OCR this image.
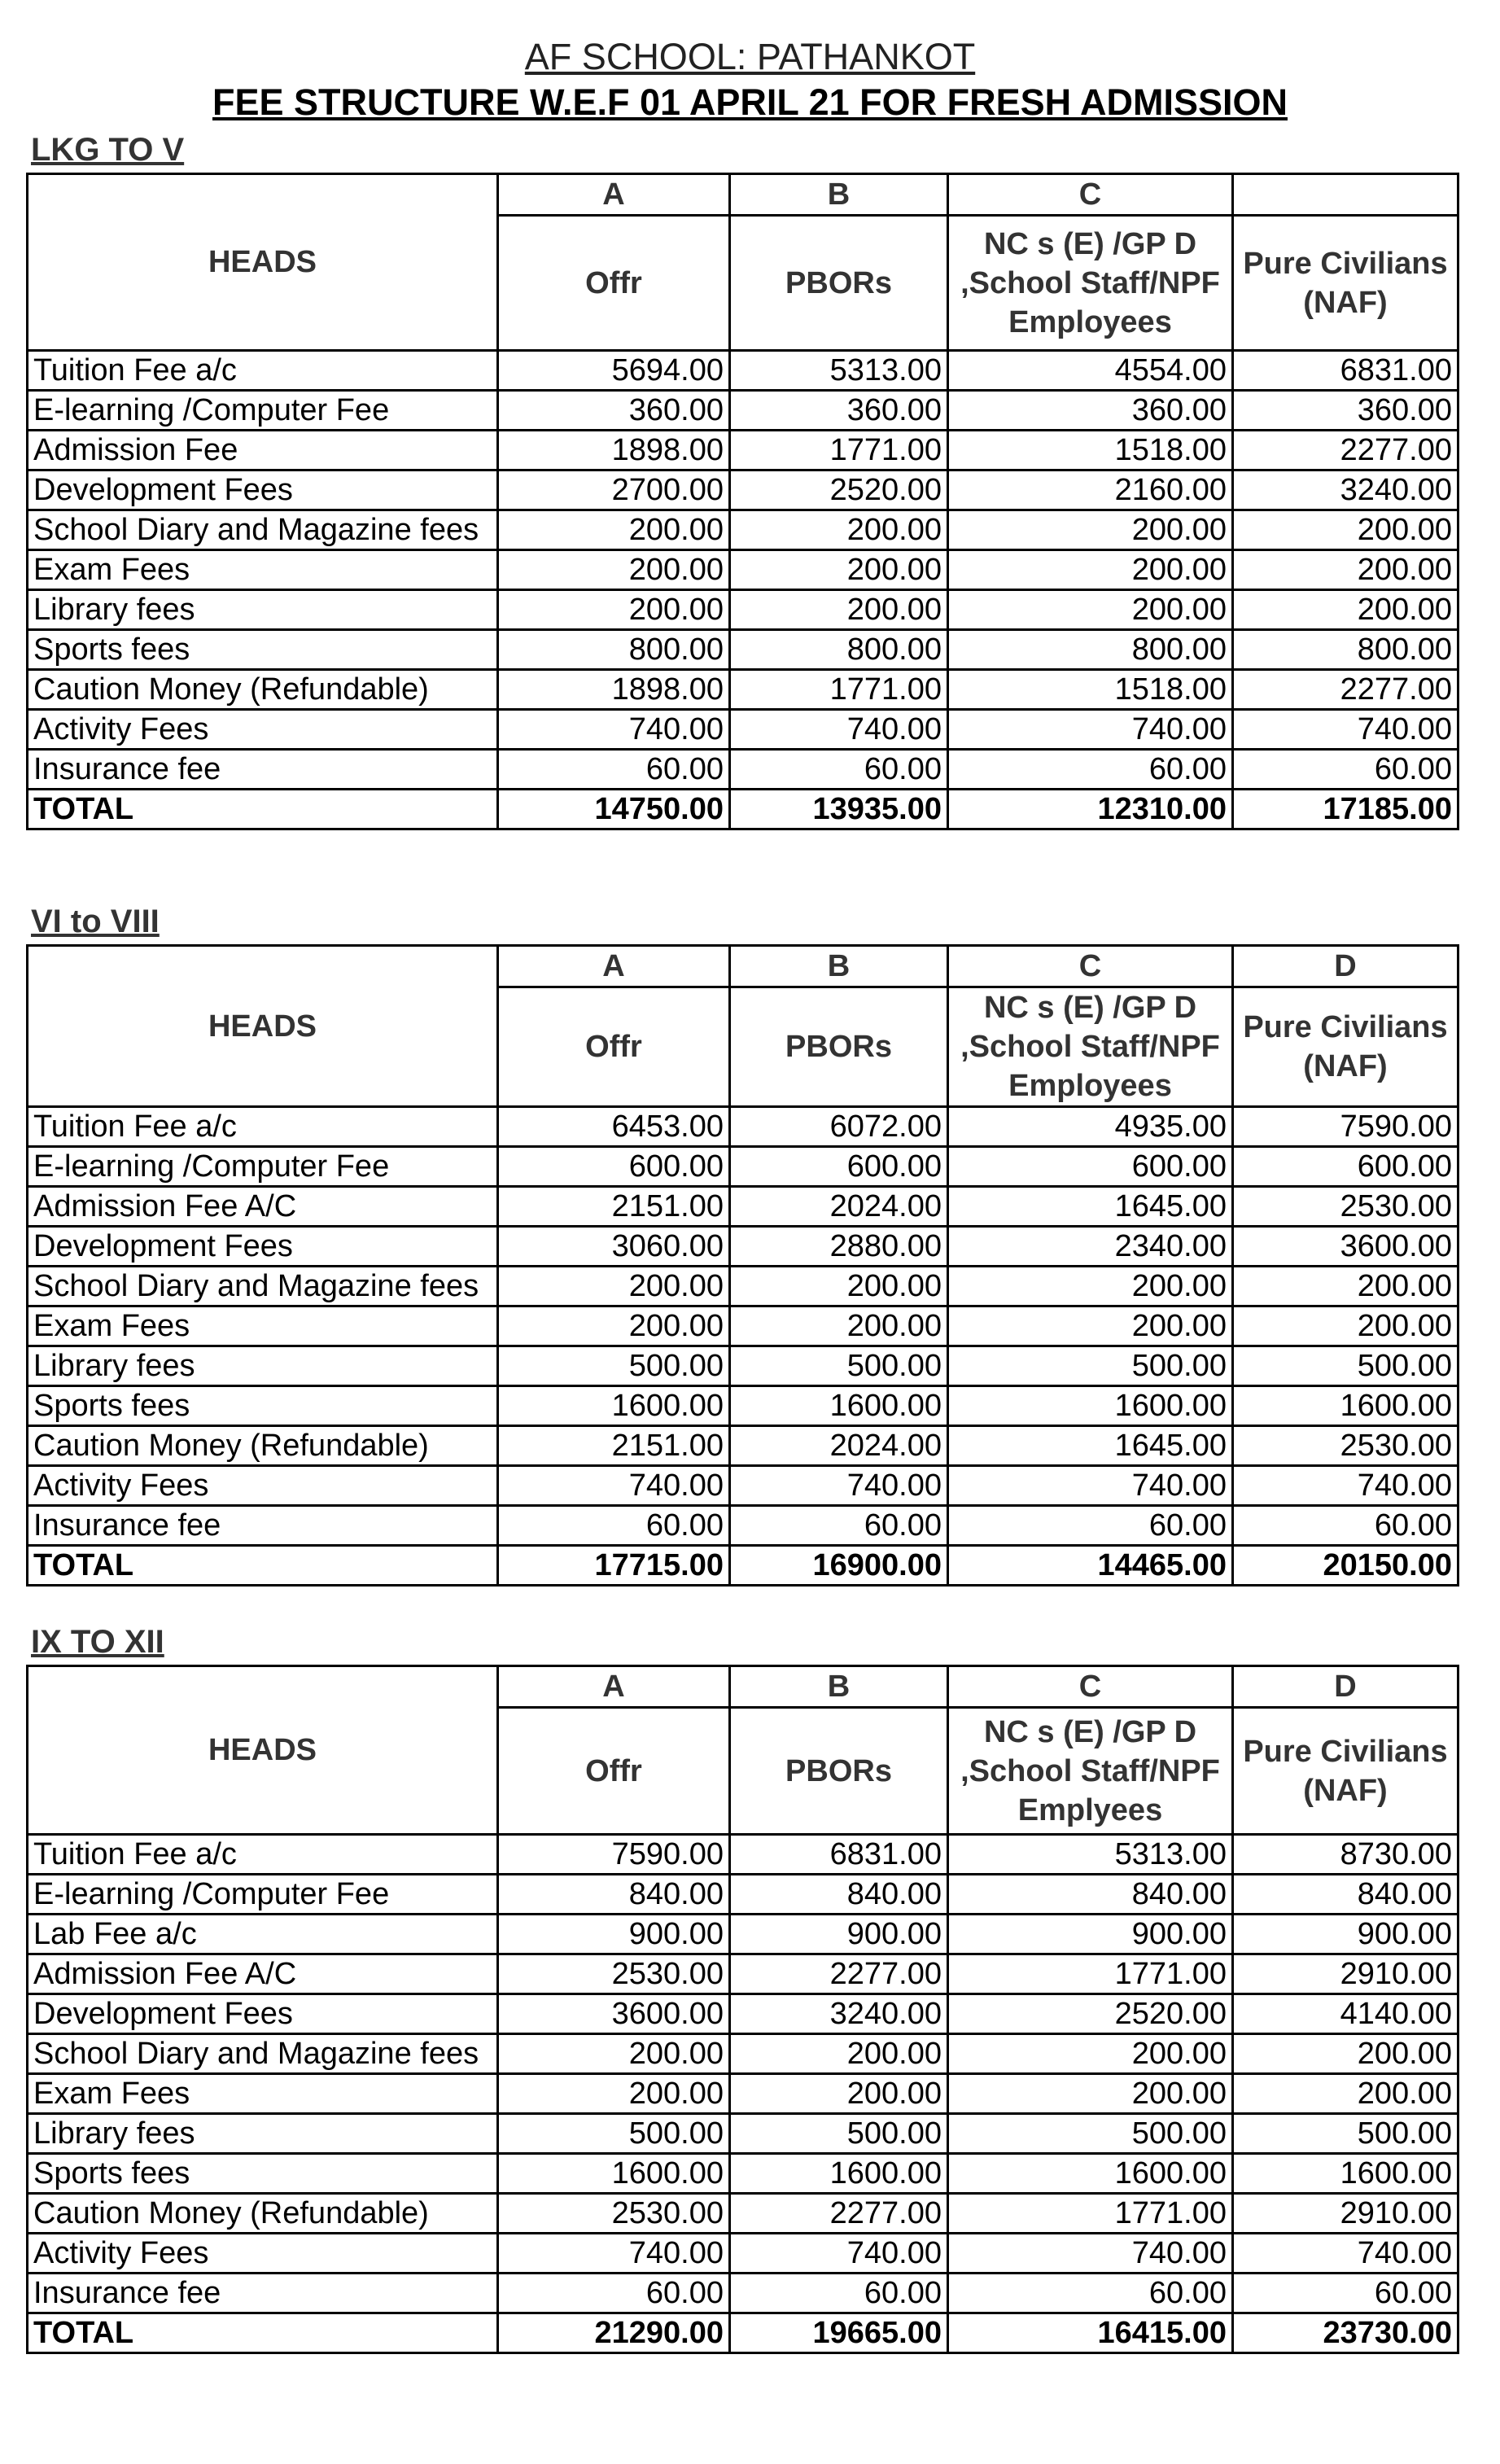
AF SCHOOL: PATHANKOT
FEE STRUCTURE W.E.F 01 APRIL 21 FOR FRESH ADMISSION
LKG TO V
HEADS	A	B	C	
	Offr	PBORs	NC s (E) /GP D ,School Staff/NPF Employees	Pure Civilians (NAF)
Tuition Fee a/c	5694.00	5313.00	4554.00	6831.00
E-learning /Computer Fee	360.00	360.00	360.00	360.00
Admission Fee	1898.00	1771.00	1518.00	2277.00
Development Fees	2700.00	2520.00	2160.00	3240.00
School Diary and Magazine fees	200.00	200.00	200.00	200.00
Exam Fees	200.00	200.00	200.00	200.00
Library fees	200.00	200.00	200.00	200.00
Sports fees	800.00	800.00	800.00	800.00
Caution Money (Refundable)	1898.00	1771.00	1518.00	2277.00
Activity Fees	740.00	740.00	740.00	740.00
Insurance fee	60.00	60.00	60.00	60.00
TOTAL	14750.00	13935.00	12310.00	17185.00
VI to VIII
HEADS	A	B	C	D
	Offr	PBORs	NC s (E) /GP D ,School Staff/NPF Employees	Pure Civilians (NAF)
Tuition Fee a/c	6453.00	6072.00	4935.00	7590.00
E-learning /Computer Fee	600.00	600.00	600.00	600.00
Admission Fee A/C	2151.00	2024.00	1645.00	2530.00
Development Fees	3060.00	2880.00	2340.00	3600.00
School Diary and Magazine fees	200.00	200.00	200.00	200.00
Exam Fees	200.00	200.00	200.00	200.00
Library fees	500.00	500.00	500.00	500.00
Sports fees	1600.00	1600.00	1600.00	1600.00
Caution Money (Refundable)	2151.00	2024.00	1645.00	2530.00
Activity Fees	740.00	740.00	740.00	740.00
Insurance fee	60.00	60.00	60.00	60.00
TOTAL	17715.00	16900.00	14465.00	20150.00
IX TO XII
HEADS	A	B	C	D
	Offr	PBORs	NC s (E) /GP D ,School Staff/NPF Emplyees	Pure Civilians (NAF)
Tuition Fee a/c	7590.00	6831.00	5313.00	8730.00
E-learning /Computer Fee	840.00	840.00	840.00	840.00
Lab Fee a/c	900.00	900.00	900.00	900.00
Admission Fee A/C	2530.00	2277.00	1771.00	2910.00
Development Fees	3600.00	3240.00	2520.00	4140.00
School Diary and Magazine fees	200.00	200.00	200.00	200.00
Exam Fees	200.00	200.00	200.00	200.00
Library fees	500.00	500.00	500.00	500.00
Sports fees	1600.00	1600.00	1600.00	1600.00
Caution Money (Refundable)	2530.00	2277.00	1771.00	2910.00
Activity Fees	740.00	740.00	740.00	740.00
Insurance fee	60.00	60.00	60.00	60.00
TOTAL	21290.00	19665.00	16415.00	23730.00
